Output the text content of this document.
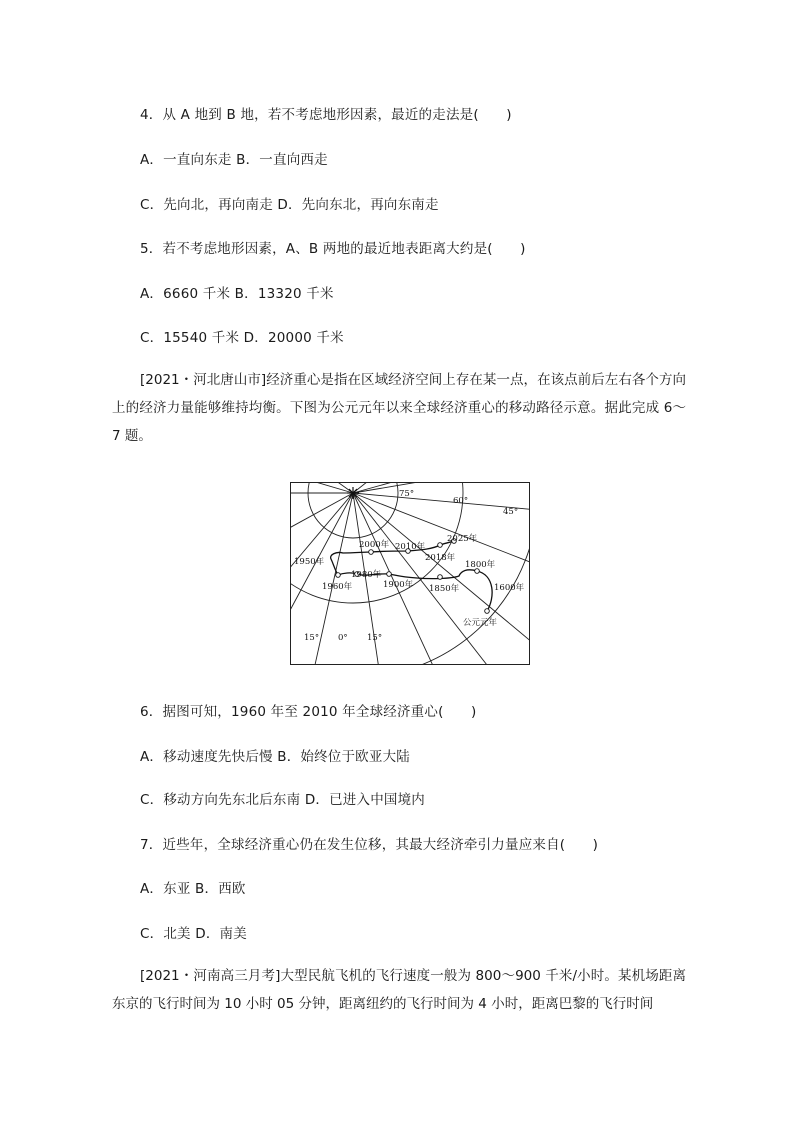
4．从 A 地到 B 地，若不考虑地形因素，最近的走法是(　　)
A．一直向东走 B．一直向西走
C．先向北，再向南走 D．先向东北，再向东南走
5．若不考虑地形因素，A、B 两地的最近地表距离大约是(　　)
A．6660 千米 B．13320 千米
C．15540 千米 D．20000 千米
[2021・河北唐山市]经济重心是指在区域经济空间上存在某一点，在该点前后左右各个方向上的经济力量能够维持均衡。下图为公元元年以来全球经济重心的移动路径示意。据此完成 6～7 题。
75°
60°
45°
15° 0° 15°
1950年
1960年
1980年
2000年 2010年
2018年
2025年
1900年 1850年
1800年
1600年
公元元年
6．据图可知，1960 年至 2010 年全球经济重心(　　)
A．移动速度先快后慢 B．始终位于欧亚大陆
C．移动方向先东北后东南 D．已进入中国境内
7．近些年，全球经济重心仍在发生位移，其最大经济牵引力量应来自(　　)
A．东亚 B．西欧
C．北美 D．南美
[2021・河南高三月考]大型民航飞机的飞行速度一般为 800～900 千米/小时。某机场距离东京的飞行时间为 10 小时 05 分钟，距离纽约的飞行时间为 4 小时，距离巴黎的飞行时间
